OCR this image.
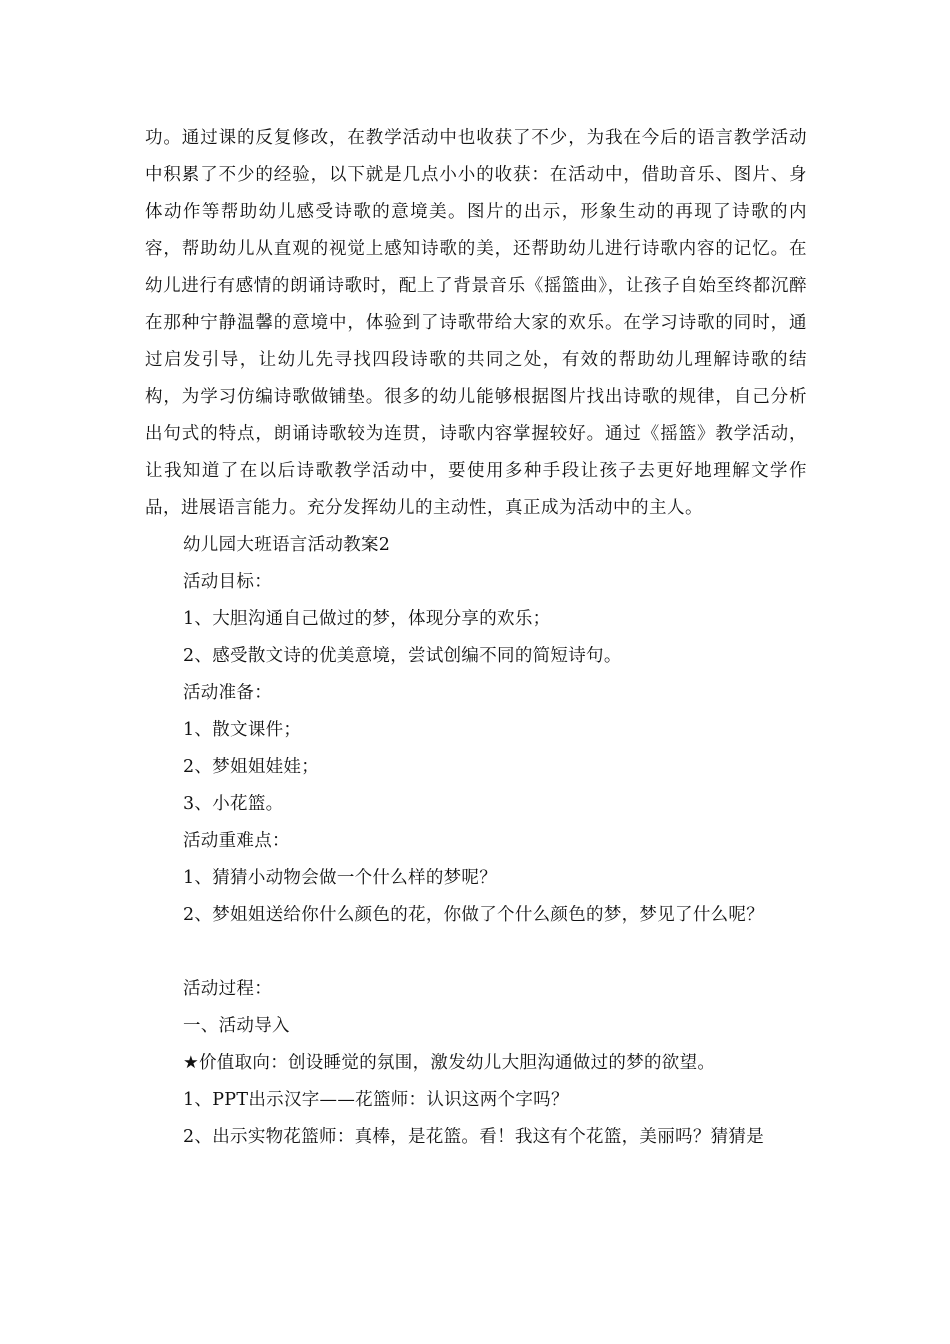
功。通过课的反复修改，在教学活动中也收获了不少，为我在今后的语言教学活动中积累了不少的经验，以下就是几点小小的收获：在活动中，借助音乐、图片、身体动作等帮助幼儿感受诗歌的意境美。图片的出示，形象生动的再现了诗歌的内容，帮助幼儿从直观的视觉上感知诗歌的美，还帮助幼儿进行诗歌内容的记忆。在幼儿进行有感情的朗诵诗歌时，配上了背景音乐《摇篮曲》，让孩子自始至终都沉醉在那种宁静温馨的意境中，体验到了诗歌带给大家的欢乐。在学习诗歌的同时，通过启发引导，让幼儿先寻找四段诗歌的共同之处，有效的帮助幼儿理解诗歌的结构，为学习仿编诗歌做铺垫。很多的幼儿能够根据图片找出诗歌的规律，自己分析出句式的特点，朗诵诗歌较为连贯，诗歌内容掌握较好。通过《摇篮》教学活动，让我知道了在以后诗歌教学活动中，要使用多种手段让孩子去更好地理解文学作品，进展语言能力。充分发挥幼儿的主动性，真正成为活动中的主人。

幼儿园大班语言活动教案2

活动目标：

1、大胆沟通自己做过的梦，体现分享的欢乐；

2、感受散文诗的优美意境，尝试创编不同的简短诗句。

活动准备：

1、散文课件；

2、梦姐姐娃娃；

3、小花篮。

活动重难点：

1、猜猜小动物会做一个什么样的梦呢？

2、梦姐姐送给你什么颜色的花，你做了个什么颜色的梦，梦见了什么呢？

活动过程：

一、活动导入

★价值取向：创设睡觉的氛围，激发幼儿大胆沟通做过的梦的欲望。

1、PPT出示汉字——花篮师：认识这两个字吗？

2、出示实物花篮师：真棒，是花篮。看！我这有个花篮，美丽吗？猜猜是
